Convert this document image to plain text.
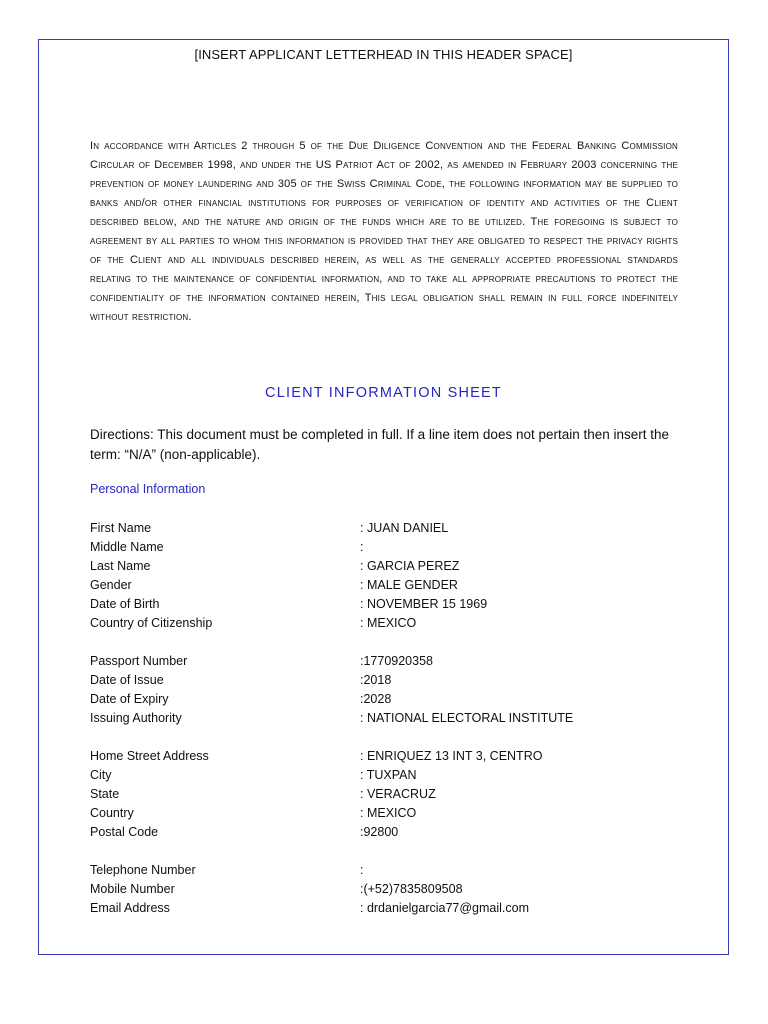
[INSERT APPLICANT LETTERHEAD IN THIS HEADER SPACE]
In accordance with Articles 2 through 5 of the Due Diligence Convention and the Federal Banking Commission Circular of December 1998, and under the US Patriot Act of 2002, as amended in February 2003 concerning the prevention of money laundering and 305 of the Swiss Criminal Code, the following information may be supplied to banks and/or other financial institutions for purposes of verification of identity and activities of the Client described below, and the nature and origin of the funds which are to be utilized. The foregoing is subject to agreement by all parties to whom this information is provided that they are obligated to respect the privacy rights of the Client and all individuals described herein, as well as the generally accepted professional standards relating to the maintenance of confidential information, and to take all appropriate precautions to protect the confidentiality of the information contained herein, This legal obligation shall remain in full force indefinitely without restriction.
CLIENT INFORMATION SHEET
Directions: This document must be completed in full. If a line item does not pertain then insert the term: “N/A” (non-applicable).
Personal Information
First Name	: JUAN DANIEL
Middle Name	:
Last Name	: GARCIA PEREZ
Gender	: MALE GENDER
Date of Birth	: NOVEMBER 15 1969
Country of Citizenship	: MEXICO
Passport Number	:1770920358
Date of Issue	:2018
Date of Expiry	:2028
Issuing Authority	: NATIONAL ELECTORAL INSTITUTE
Home Street Address	: ENRIQUEZ 13 INT 3, CENTRO
City	: TUXPAN
State	: VERACRUZ
Country	: MEXICO
Postal Code	:92800
Telephone Number	:
Mobile Number	:(+52)7835809508
Email Address	: drdanielgarcia77@gmail.com
